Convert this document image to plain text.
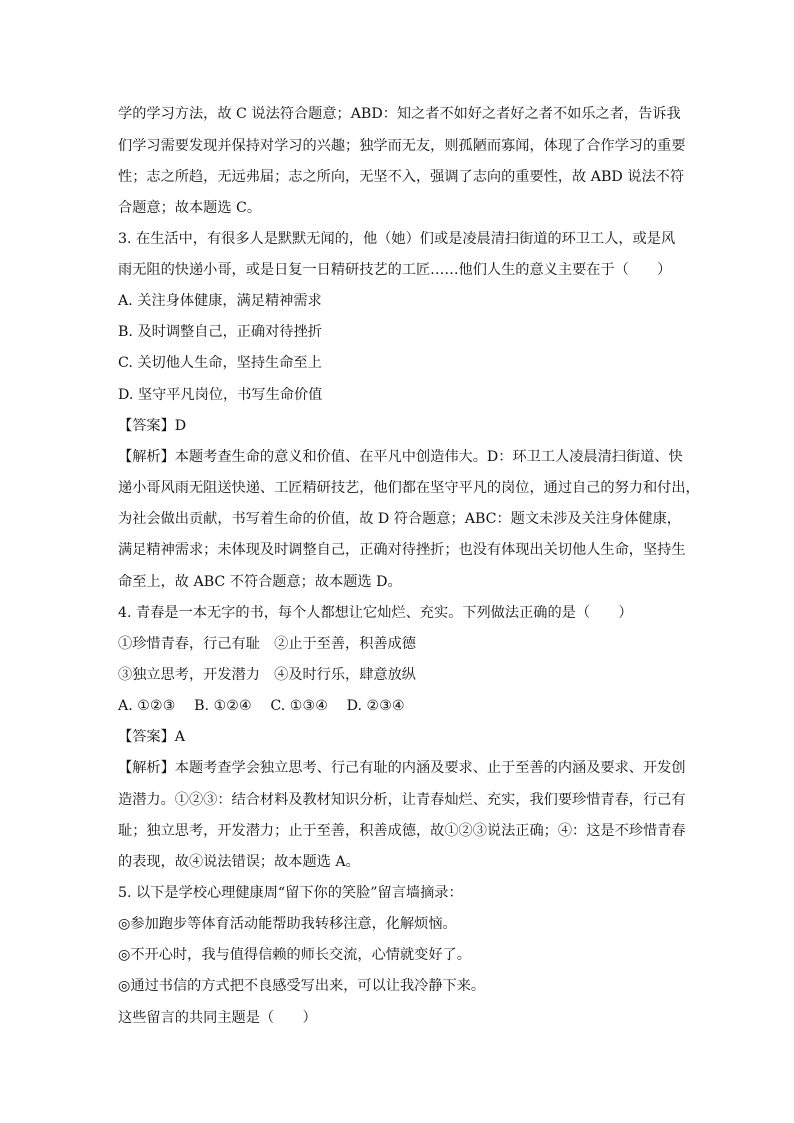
学的学习方法，故 C 说法符合题意；ABD：知之者不如好之者好之者不如乐之者，告诉我
们学习需要发现并保持对学习的兴趣；独学而无友，则孤陋而寡闻，体现了合作学习的重要
性；志之所趋，无远弗届；志之所向，无坚不入，强调了志向的重要性，故 ABD 说法不符
合题意；故本题选 C。
3. 在生活中，有很多人是默默无闻的，他（她）们或是凌晨清扫街道的环卫工人，或是风
雨无阻的快递小哥，或是日复一日精研技艺的工匠……他们人生的意义主要在于（　　）
A. 关注身体健康，满足精神需求
B. 及时调整自己，正确对待挫折
C. 关切他人生命，坚持生命至上
D. 坚守平凡岗位，书写生命价值
【答案】D
【解析】本题考查生命的意义和价值、在平凡中创造伟大。D：环卫工人凌晨清扫街道、快
递小哥风雨无阻送快递、工匠精研技艺，他们都在坚守平凡的岗位，通过自己的努力和付出，
为社会做出贡献，书写着生命的价值，故 D 符合题意；ABC：题文未涉及关注身体健康，
满足精神需求；未体现及时调整自己，正确对待挫折；也没有体现出关切他人生命，坚持生
命至上，故 ABC 不符合题意；故本题选 D。
4. 青春是一本无字的书，每个人都想让它灿烂、充实。下列做法正确的是（　　）
①珍惜青春，行己有耻　②止于至善，积善成德
③独立思考，开发潜力　④及时行乐，肆意放纵
A. ①②③　 B. ①②④　 C. ①③④　 D. ②③④
【答案】A
【解析】本题考查学会独立思考、行己有耻的内涵及要求、止于至善的内涵及要求、开发创
造潜力。①②③：结合材料及教材知识分析，让青春灿烂、充实，我们要珍惜青春，行己有
耻；独立思考，开发潜力；止于至善，积善成德，故①②③说法正确；④：这是不珍惜青春
的表现，故④说法错误；故本题选 A。
5. 以下是学校心理健康周“留下你的笑脸”留言墙摘录：
◎参加跑步等体育活动能帮助我转移注意，化解烦恼。
◎不开心时，我与值得信赖的师长交流，心情就变好了。
◎通过书信的方式把不良感受写出来，可以让我冷静下来。
这些留言的共同主题是（　　）
